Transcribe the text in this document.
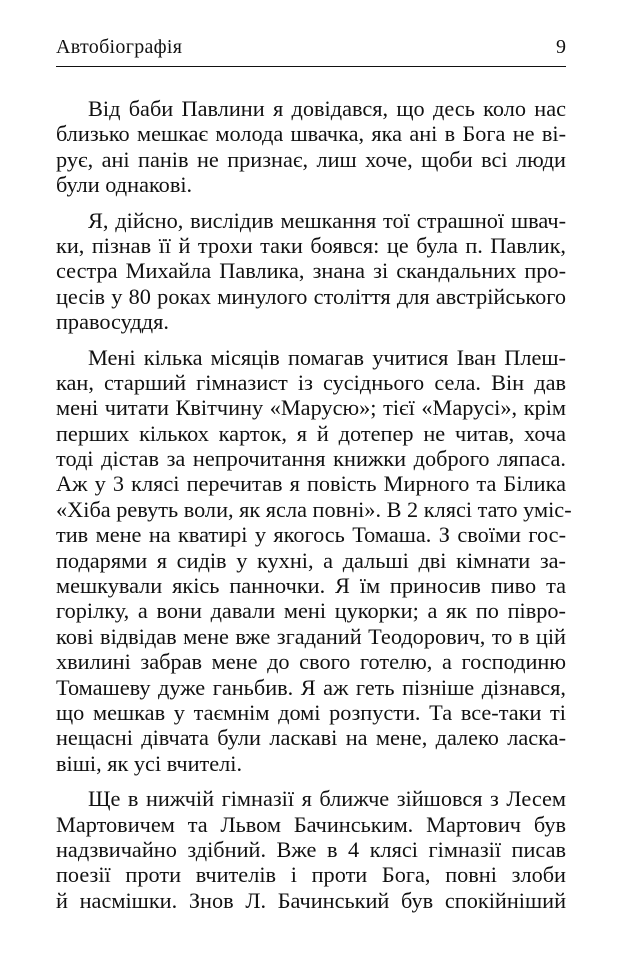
Автобіографія	9

Від баби Павлини я довідався, що десь коло нас
близько мешкає молода швачка, яка ані в Бога не ві-
рує, ані панів не признає, лиш хоче, щоби всі люди
були однакові.

Я, дійсно, вислідив мешкання тої страшної швач-
ки, пізнав її й трохи таки боявся: це була п. Павлик,
сестра Михайла Павлика, знана зі скандальних про-
цесів у 80 роках минулого століття для австрійського
правосуддя.

Мені кілька місяців помагав учитися Іван Плеш-
кан, старший гімназист із сусіднього села. Він дав
мені читати Квітчину «Марусю»; тієї «Марусі», крім
перших кількох карток, я й дотепер не читав, хоча
тоді дістав за непрочитання книжки доброго ляпаса.
Аж у 3 клясі перечитав я повість Мирного та Білика
«Хіба ревуть воли, як ясла повні». В 2 клясі тато уміс-
тив мене на кватирі у якогось Томаша. З своїми гос-
подарями я сидів у кухні, а дальші дві кімнати за-
мешкували якісь панночки. Я їм приносив пиво та
горілку, а вони давали мені цукорки; а як по півро-
кові відвідав мене вже згаданий Теодорович, то в цій
хвилині забрав мене до свого готелю, а господиню
Томашеву дуже ганьбив. Я аж геть пізніше дізнався,
що мешкав у таємнім домі розпусти. Та все-таки ті
нещасні дівчата були ласкаві на мене, далеко ласка-
віші, як усі вчителі.

Ще в нижчій гімназії я ближче зійшовся з Лесем
Мартовичем та Львом Бачинським. Мартович був
надзвичайно здібний. Вже в 4 клясі гімназії писав
поезії проти вчителів і проти Бога, повні злоби
й насмішки. Знов Л. Бачинський був спокійніший
